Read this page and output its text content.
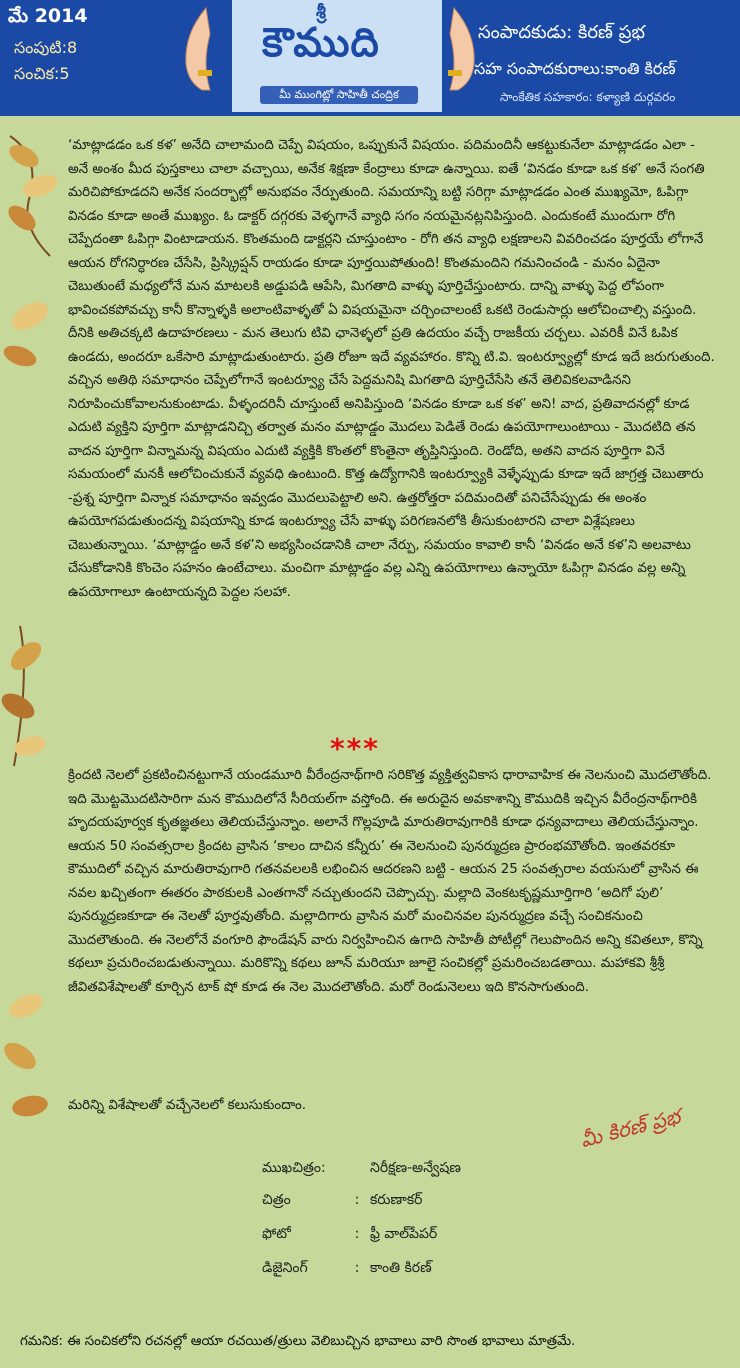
మే 2014
సంపుటి:8
సంచిక:5
శ్రీ
కౌముది
మీ ముంగిట్లో సాహితీ చంద్రిక
సంపాదకుడు: కిరణ్ ప్రభ
సహ సంపాదకురాలు:కాంతి కిరణ్
సాంకేతిక సహకారం: కళ్యాణి దుర్గవరం
‘మాట్లాడడం ఒక కళ’ అనేది చాలామంది చెప్పే విషయం, ఒప్పుకునే విషయం. పదిమందినీ ఆకట్టుకునేలా మాట్లాడడం ఎలా - అనే అంశం మీద పుస్తకాలు చాలా వచ్చాయి, అనేక శిక్షణా కేంద్రాలు కూడా ఉన్నాయి. ఐతే ‘వినడం కూడా ఒక కళ’ అనే సంగతి మరిచిపోకూడదని అనేక సందర్భాల్లో అనుభవం నేర్పుతుంది. సమయాన్ని బట్టి సరిగ్గా మాట్లాడడం ఎంత ముఖ్యమో, ఓపిగ్గా వినడం కూడా అంతే ముఖ్యం. ఓ డాక్టర్ దగ్గరకు వెళ్ళగానే వ్యాధి సగం నయమైనట్లనిపిస్తుంది. ఎందుకంటే ముందుగా రోగి చెప్పేదంతా ఓపిగ్గా వింటాడాయన. కొంతమంది డాక్టర్లని చూస్తుంటాం - రోగి తన వ్యాధి లక్షణాలని వివరించడం పూర్తయే లోగానే ఆయన రోగనిర్ధారణ చేసేసి, ప్రిస్క్రిప్షన్ రాయడం కూడా పూర్తయిపోతుంది! కొంతమందిని గమనించండి - మనం ఏదైనా చెబుతుంటే మధ్యలోనే మన మాటలకి అడ్డుపడి ఆపేసి, మిగతాది వాళ్ళు పూర్తిచేస్తుంటారు. దాన్ని వాళ్ళు పెద్ద లోపంగా భావించకపోవచ్చు కానీ కొన్నాళ్ళకి అలాంటివాళ్ళతో ఏ విషయమైనా చర్చించాలంటే ఒకటి రెండుసార్లు ఆలోచించాల్సి వస్తుంది. దీనికి అతిచక్కటి ఉదాహరణలు - మన తెలుగు టివి ఛానెళ్ళలో ప్రతి ఉదయం వచ్చే రాజకీయ చర్చలు. ఎవరికీ వినే ఓపిక ఉండదు, అందరూ ఒకేసారి మాట్లాడుతుంటారు. ప్రతి రోజూ ఇదే వ్యవహారం. కొన్ని టి.వి. ఇంటర్వ్యూల్లో కూడ ఇదే జరుగుతుంది. వచ్చిన అతిథి సమాధానం చెప్పేలోగానే ఇంటర్వ్యూ చేసే పెద్దమనిషి మిగతాది పూర్తిచేసేసి తనే తెలివికలవాడినని నిరూపించుకోవాలనుకుంటాడు. వీళ్ళందరినీ చూస్తుంటే అనిపిస్తుంది ‘వినడం కూడా ఒక కళ’ అని! వాద, ప్రతివాదనల్లో కూడ ఎదుటి వ్యక్తిని పూర్తిగా మాట్లాడనిచ్చి తర్వాత మనం మాట్లాడ్డం మొదలు పెడితే రెండు ఉపయోగాలుంటాయి - మొదటిది తన వాదన పూర్తిగా విన్నామన్న విషయం ఎదుటి వ్యక్తికి కొంతలో కొంతైనా తృప్తినిస్తుంది. రెండోది, అతని వాదన పూర్తిగా వినే సమయంలో మనకీ ఆలోచించుకునే వ్యవధి ఉంటుంది. కొత్త ఉద్యోగానికి ఇంటర్వ్యూకి వెళ్ళేప్పుడు కూడా ఇదే జాగ్రత్త చెబుతారు -ప్రశ్న పూర్తిగా విన్నాక సమాధానం ఇవ్వడం మొదలుపెట్టాలి అని. ఉత్తరోత్తరా పదిమందితో పనిచేసేప్పుడు ఈ అంశం ఉపయోగపడుతుందన్న విషయాన్ని కూడ ఇంటర్వ్యూ చేసే వాళ్ళు పరిగణనలోకి తీసుకుంటారని చాలా విశ్లేషణలు చెబుతున్నాయి. ‘మాట్లాడ్డం అనే కళ’ని అభ్యసించడానికి చాలా నేర్పు, సమయం కావాలి కానీ ‘వినడం అనే కళ’ని అలవాటు చేసుకోడానికి కొంచెం సహనం ఉంటేచాలు. మంచిగా మాట్లాడ్డం వల్ల ఎన్ని ఉపయోగాలు ఉన్నాయో ఓపిగ్గా వినడం వల్ల అన్ని ఉపయోగాలూ ఉంటాయన్నది పెద్దల సలహా.
***
క్రిందటి నెలలో ప్రకటించినట్టుగానే యండమూరి వీరేంద్రనాథ్‌గారి సరికొత్త వ్యక్తిత్వవికాస ధారావాహిక ఈ నెలనుంచి మొదలౌతోంది. ఇది మొట్టమొదటిసారిగా మన కౌముదిలోనే సీరియల్‌గా వస్తోంది. ఈ అరుదైన అవకాశాన్ని కౌముదికి ఇచ్చిన వీరేంద్రనాథ్‌గారికి హృదయపూర్వక కృతజ్ఞతలు తెలియచేస్తున్నాం. అలానే గొల్లపూడి మారుతిరావుగారికి కూడా ధన్యవాదాలు తెలియచేస్తున్నాం. ఆయన 50 సంవత్సరాల క్రిందట వ్రాసిన ‘కాలం దాచిన కన్నీరు’ ఈ నెలనుంచి పునర్ముద్రణ ప్రారంభమౌతోంది. ఇంతవరకూ కౌముదిలో వచ్చిన మారుతిరావుగారి గతనవలలకి లభించిన ఆదరణని బట్టి - ఆయన 25 సంవత్సరాల వయసులో వ్రాసిన ఈ నవల ఖచ్చితంగా ఈతరం పాఠకులకి ఎంతగానో నచ్చుతుందని చెప్పొచ్చు. మల్లాది వెంకటకృష్ణమూర్తిగారి ‘అదిగో పులి’ పునర్ముద్రణకూడా ఈ నెలతో పూర్తవుతోంది. మల్లాదిగారు వ్రాసిన మరో మంచినవల పునర్ముద్రణ వచ్చే సంచికనుంచి మొదలౌతుంది. ఈ నెలలోనే వంగూరి ఫౌండేషన్ వారు నిర్వహించిన ఉగాది సాహితీ పోటీల్లో గెలుపొందిన అన్ని కవితలూ, కొన్ని కథలూ ప్రచురించబడుతున్నాయి. మరికొన్ని కథలు జూన్ మరియూ జూలై సంచికల్లో ప్రమరించబడతాయి. మహాకవి శ్రీశ్రీ జీవితవిశేషాలతో కూర్చిన టాక్ షో కూడ ఈ నెల మొదలౌతోంది. మరో రెండునెలలు ఇది కొనసాగుతుంది.
మరిన్ని విశేషాలతో వచ్చేనెలలో కలుసుకుందాం.	మీ కిరణ్ ప్రభ
ముఖచిత్రం:	నిరీక్షణ-అన్వేషణ
చిత్రం	: కరుణాకర్
ఫోటో	: ఫ్రీ వాల్‌పేపర్
డిజైనింగ్	: కాంతి కిరణ్
గమనిక: ఈ సంచికలోని రచనల్లో ఆయా రచయిత/త్రులు వెలిబుచ్చిన భావాలు వారి సొంత భావాలు మాత్రమే.
